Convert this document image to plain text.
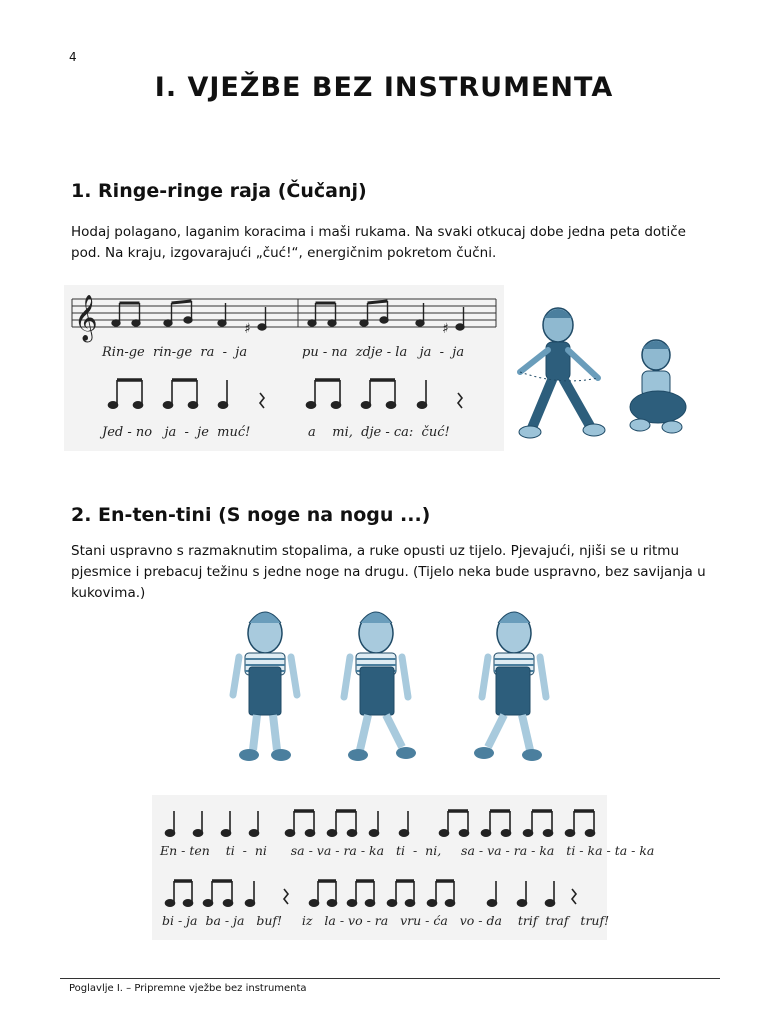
4
I. VJEŽBE BEZ INSTRUMENTA
1. Ringe-ringe raja (Čučanj)
Hodaj polagano, laganim koracima i maši rukama. Na svaki otkucaj dobe jedna peta dotiče pod. Na kraju, izgovarajući „čuć!“, energičnim pokretom čučni.
𝄞	♯	♯
Rin-ge  rin-ge  ra  -  ja	pu - na  zdje - la   ja  -  ja
Jed - no   ja  -  je  muć!	a    mi,  dje - ca:  čuć!
2. En-ten-tini (S noge na nogu ...)
Stani uspravno s razmaknutim stopalima, a ruke opusti uz tijelo. Pjevajući, njiši se u ritmu pjesmice i prebacuj težinu s jedne noge na drugu. (Tijelo neka bude uspravno, bez savijanja u kukovima.)
En - ten    ti  -  ni      sa - va - ra - ka   ti  -  ni,     sa - va - ra - ka   ti - ka - ta - ka
bi - ja  ba - ja   buf!     iz   la - vo - ra   vru - ća   vo - da    trif  traf   truf!
Poglavlje I. – Pripremne vježbe bez instrumenta
